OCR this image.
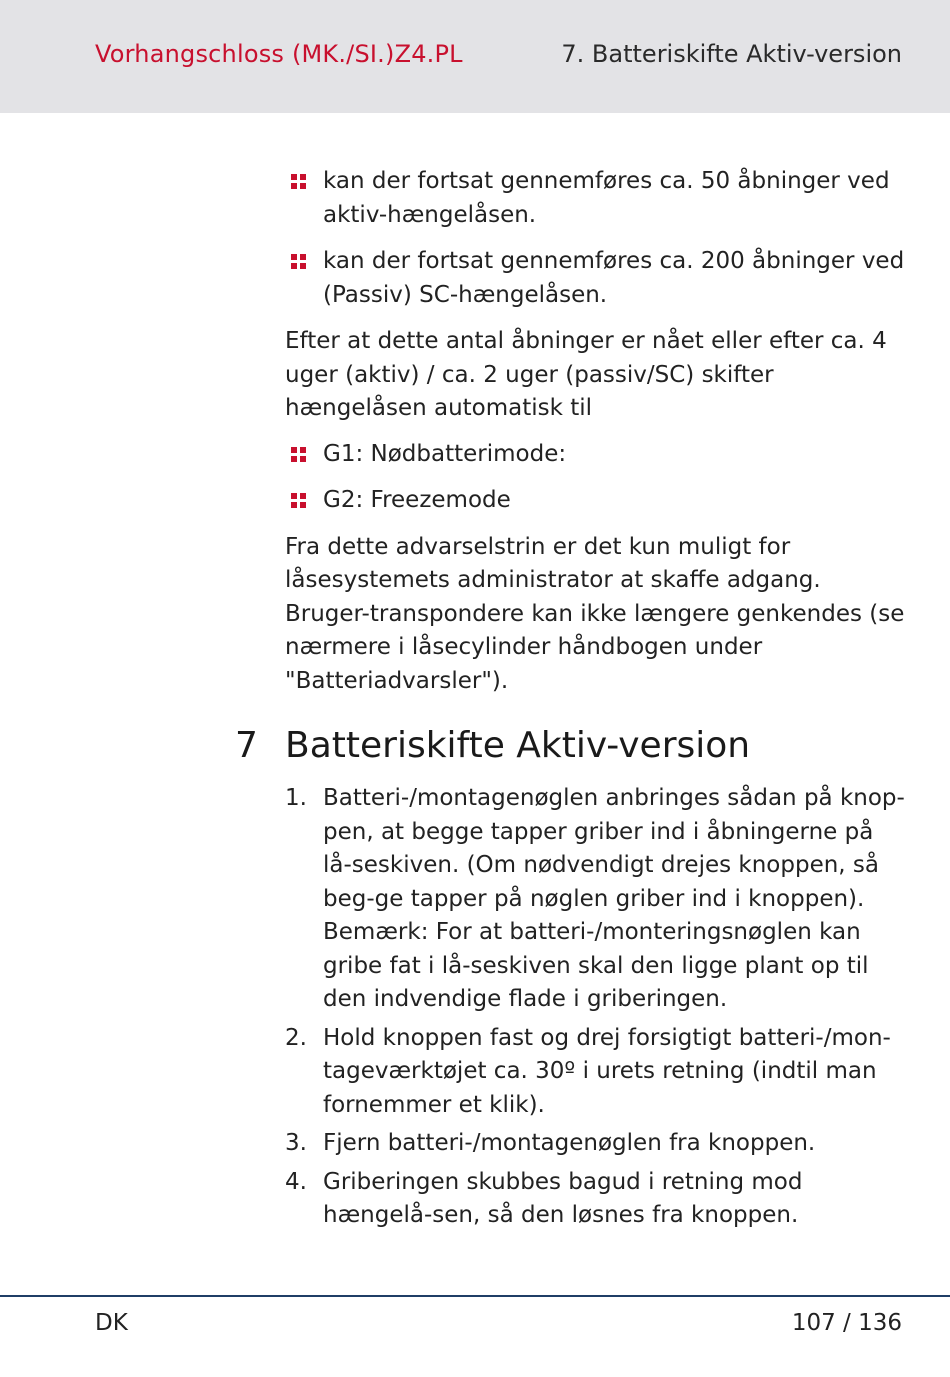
Vorhangschloss (MK./SI.)Z4.PL	7. Batteriskifte Aktiv-version
kan der fortsat gennemføres ca. 50 åbninger ved aktiv-hængelåsen.
kan der fortsat gennemføres ca. 200 åbninger ved (Passiv) SC-hængelåsen.

Efter at dette antal åbninger er nået eller efter ca. 4 uger (aktiv) / ca. 2 uger (passiv/SC) skifter hængelåsen automatisk til

G1: Nødbatterimode:
G2: Freezemode

Fra dette advarselstrin er det kun muligt for låsesystemets administrator at skaffe adgang. Bruger-transpondere kan ikke længere genkendes (se nærmere i låsecylinder håndbogen under "Batteriadvarsler").

7 Batteriskifte Aktiv-version
1. Batteri-/montagenøglen anbringes sådan på knop-pen, at begge tapper griber ind i åbningerne på lå-seskiven. (Om nødvendigt drejes knoppen, så beg-ge tapper på nøglen griber ind i knoppen). Bemærk: For at batteri-/monteringsnøglen kan gribe fat i lå-seskiven skal den ligge plant op til den indvendige flade i griberingen.
2. Hold knoppen fast og drej forsigtigt batteri-/mon-tageværktøjet ca. 30º i urets retning (indtil man fornemmer et klik).
3. Fjern batteri-/montagenøglen fra knoppen.
4. Griberingen skubbes bagud i retning mod hængelå-sen, så den løsnes fra knoppen.
DK	107 / 136
